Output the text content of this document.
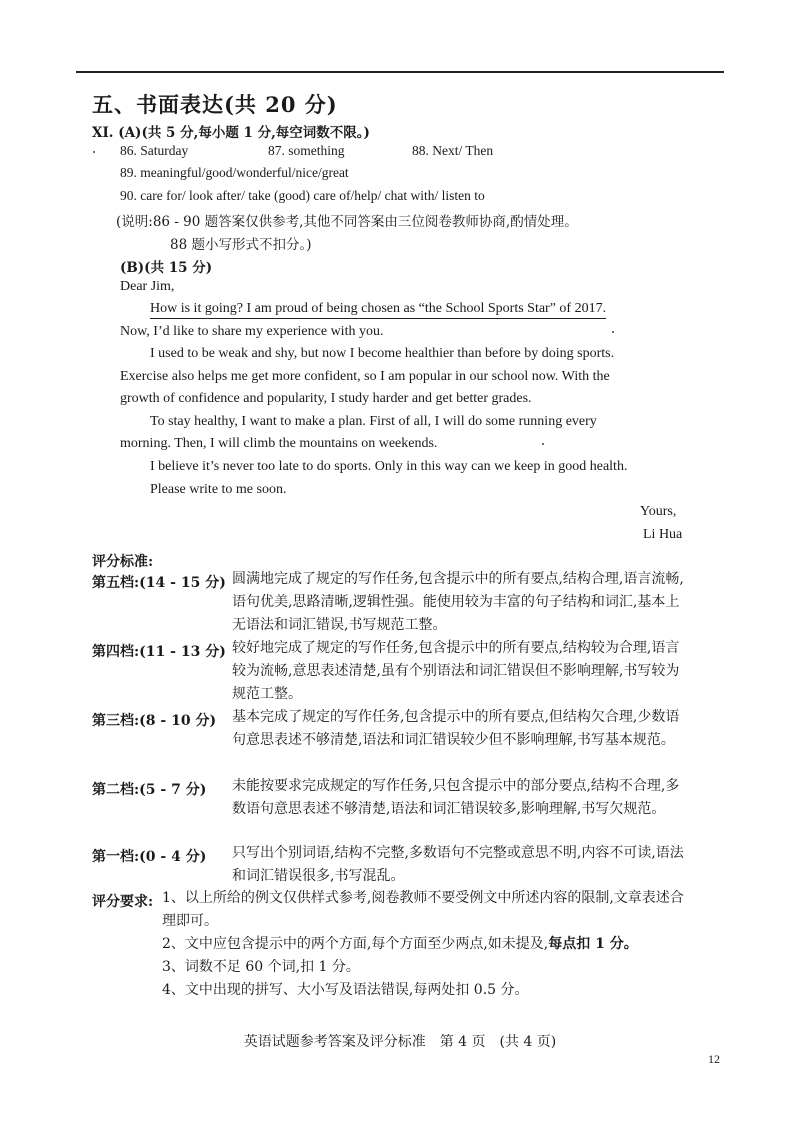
五、书面表达(共 20 分)
XI. (A)(共 5 分,每小题 1 分,每空词数不限。)
86. Saturday	87. something	88. Next/ Then
89. meaningful/good/wonderful/nice/great
90. care for/ look after/ take (good) care of/help/ chat with/ listen to
(说明:86 - 90 题答案仅供参考,其他不同答案由三位阅卷教师协商,酌情处理。
88 题小写形式不扣分。)
(B)(共 15 分)
Dear Jim,
How is it going? I am proud of being chosen as “the School Sports Star” of 2017.
Now, I’d like to share my experience with you.
I used to be weak and shy, but now I become healthier than before by doing sports.
Exercise also helps me get more confident, so I am popular in our school now. With the
growth of confidence and popularity, I study harder and get better grades.
To stay healthy, I want to make a plan. First of all, I will do some running every
morning. Then, I will climb the mountains on weekends.
I believe it’s never too late to do sports. Only in this way can we keep in good health.
Please write to me soon.
Yours,
Li Hua
评分标准:
第五档:(14 - 15 分) 圆满地完成了规定的写作任务,包含提示中的所有要点,结构合理,语言流畅,语句优美,思路清晰,逻辑性强。能使用较为丰富的句子结构和词汇,基本上无语法和词汇错误,书写规范工整。
第四档:(11 - 13 分) 较好地完成了规定的写作任务,包含提示中的所有要点,结构较为合理,语言较为流畅,意思表述清楚,虽有个别语法和词汇错误但不影响理解,书写较为规范工整。
第三档:(8 - 10 分) 基本完成了规定的写作任务,包含提示中的所有要点,但结构欠合理,少数语句意思表述不够清楚,语法和词汇错误较少但不影响理解,书写基本规范。
第二档:(5 - 7 分) 未能按要求完成规定的写作任务,只包含提示中的部分要点,结构不合理,多数语句意思表述不够清楚,语法和词汇错误较多,影响理解,书写欠规范。
第一档:(0 - 4 分) 只写出个别词语,结构不完整,多数语句不完整或意思不明,内容不可读,语法和词汇错误很多,书写混乱。
评分要求: 1、以上所给的例文仅供样式参考,阅卷教师不要受例文中所述内容的限制,文章表述合理即可。
2、文中应包含提示中的两个方面,每个方面至少两点,如未提及,每点扣 1 分。
3、词数不足 60 个词,扣 1 分。
4、文中出现的拼写、大小写及语法错误,每两处扣 0.5 分。
英语试题参考答案及评分标准　第 4 页　(共 4 页)
12
